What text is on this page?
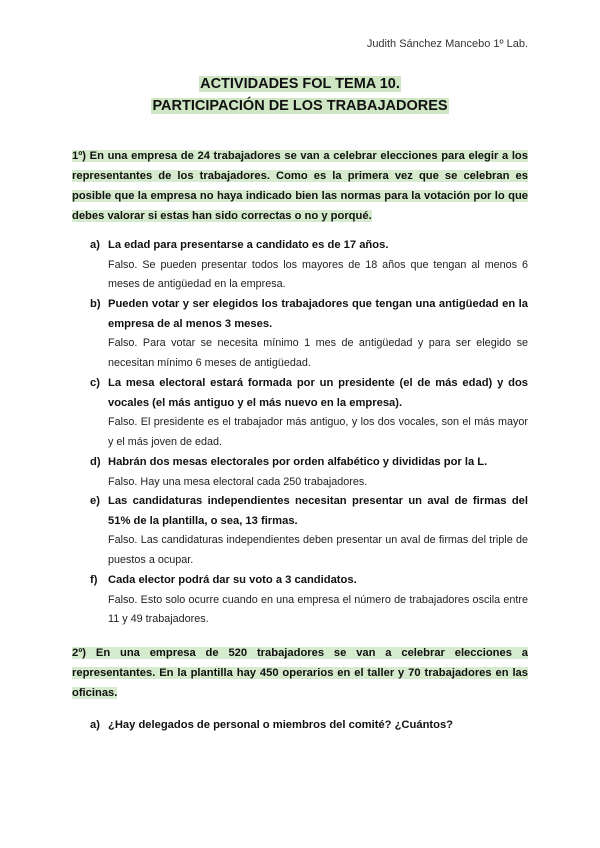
Judith Sánchez Mancebo 1º Lab.
ACTIVIDADES FOL TEMA 10.
PARTICIPACIÓN DE LOS TRABAJADORES
1º) En una empresa de 24 trabajadores se van a celebrar elecciones para elegir a los representantes de los trabajadores. Como es la primera vez que se celebran es posible que la empresa no haya indicado bien las normas para la votación por lo que debes valorar si estas han sido correctas o no y porqué.
a) La edad para presentarse a candidato es de 17 años.
Falso. Se pueden presentar todos los mayores de 18 años que tengan al menos 6 meses de antigüedad en la empresa.
b) Pueden votar y ser elegidos los trabajadores que tengan una antigüedad en la empresa de al menos 3 meses.
Falso. Para votar se necesita mínimo 1 mes de antigüedad y para ser elegido se necesitan mínimo 6 meses de antigüedad.
c) La mesa electoral estará formada por un presidente (el de más edad) y dos vocales (el más antiguo y el más nuevo en la empresa).
Falso. El presidente es el trabajador más antiguo, y los dos vocales, son el más mayor y el más joven de edad.
d) Habrán dos mesas electorales por orden alfabético y divididas por la L.
Falso. Hay una mesa electoral cada 250 trabajadores.
e) Las candidaturas independientes necesitan presentar un aval de firmas del 51% de la plantilla, o sea, 13 firmas.
Falso. Las candidaturas independientes deben presentar un aval de firmas del triple de puestos a ocupar.
f) Cada elector podrá dar su voto a 3 candidatos.
Falso. Esto solo ocurre cuando en una empresa el número de trabajadores oscila entre 11 y 49 trabajadores.
2º) En una empresa de 520 trabajadores se van a celebrar elecciones a representantes. En la plantilla hay 450 operarios en el taller y 70 trabajadores en las oficinas.
a) ¿Hay delegados de personal o miembros del comité? ¿Cuántos?
